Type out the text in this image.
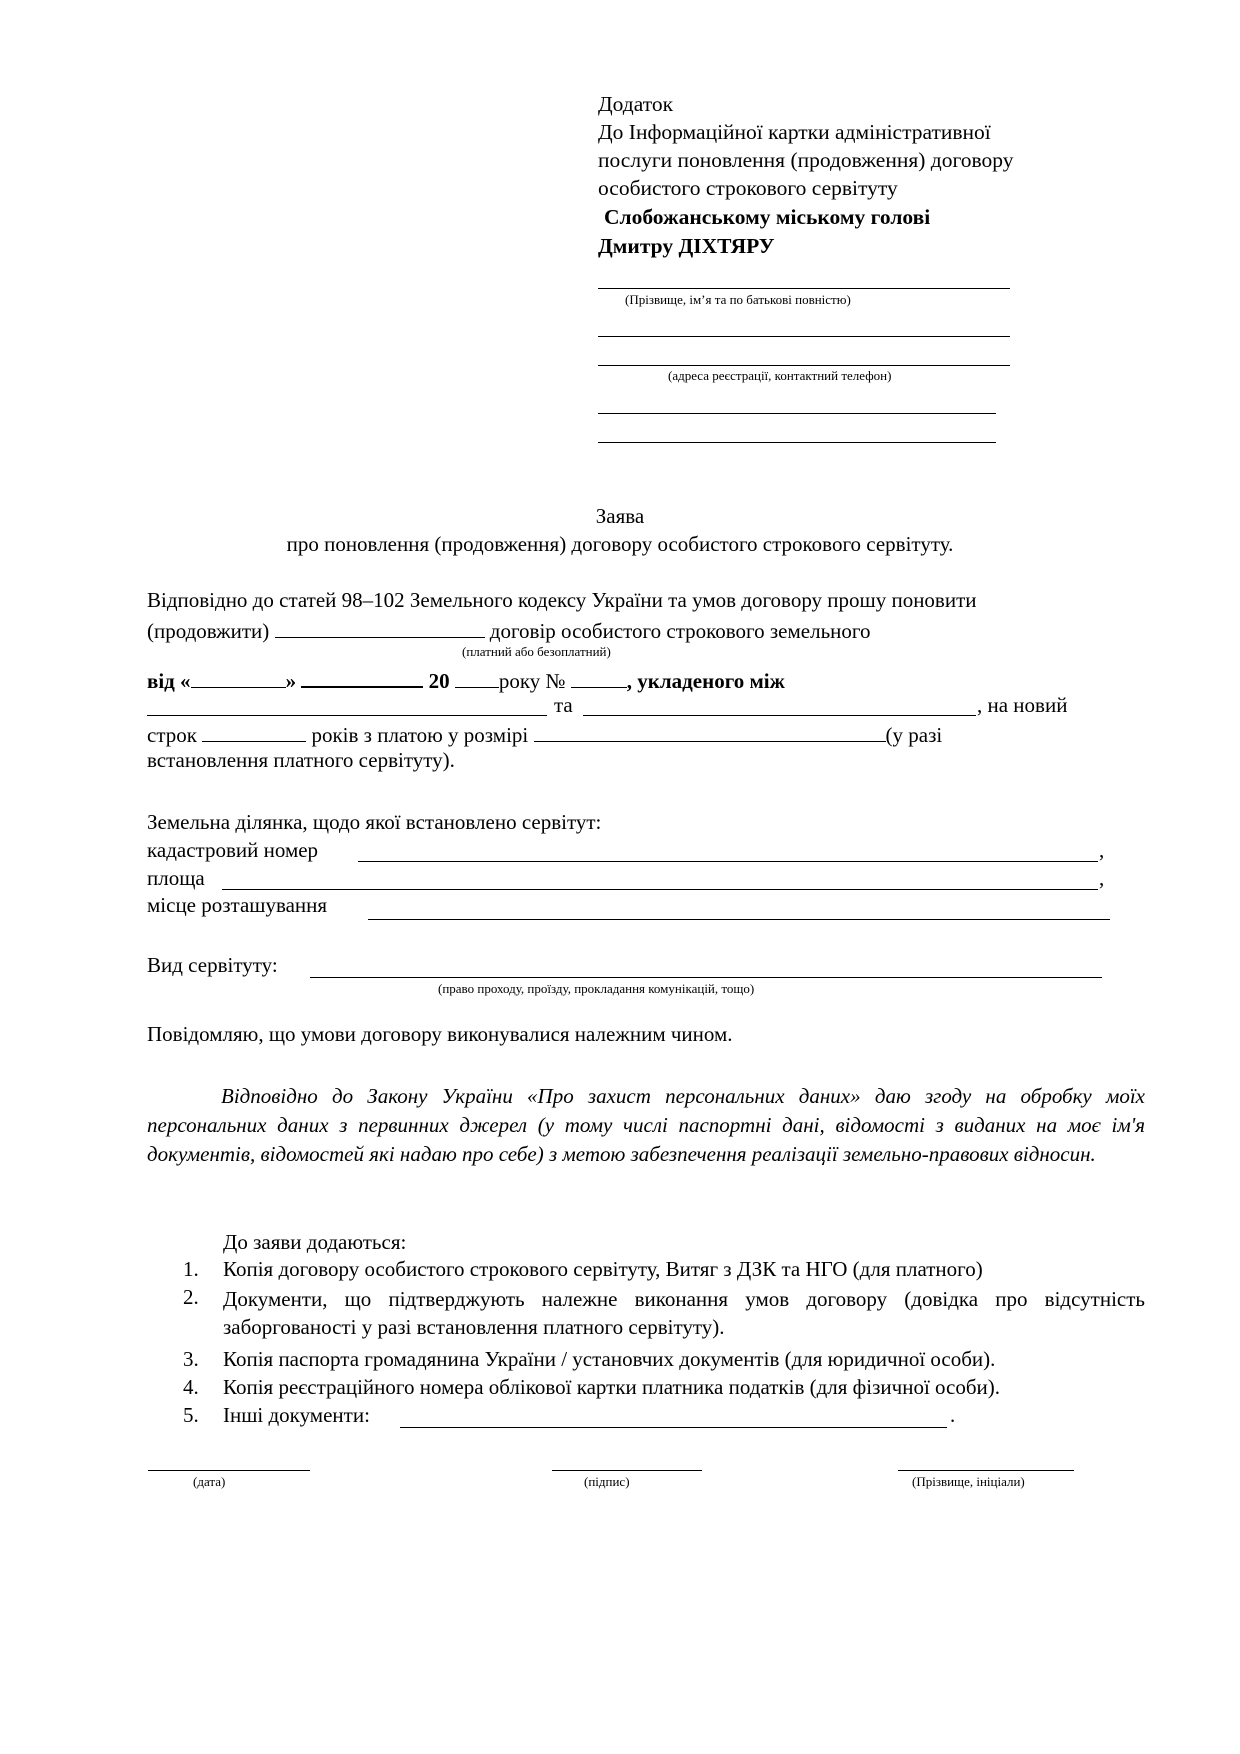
Додаток
До Інформаційної картки адміністративної
послуги поновлення (продовження) договору
особистого строкового сервітуту
Слобожанському міському голові
Дмитру ДІХТЯРУ
(Прізвище, ім’я та по батькові повністю)
(адреса реєстрації, контактний телефон)
Заява
про поновлення (продовження) договору особистого строкового сервітуту.
Відповідно до статей 98–102 Земельного кодексу України та умов договору прошу поновити
(продовжити)	договір особистого строкового земельного
(платний або безоплатний)
від «	»	20 року №	, укладеного між
та	, на новий
строк	років з платою у розмірі	(у разі
встановлення платного сервітуту).
Земельна ділянка, щодо якої встановлено сервітут:
кадастровий номер	,
площа	,
місце розташування
Вид сервітуту:
(право проходу, проїзду, прокладання комунікацій, тощо)
Повідомляю, що умови договору виконувалися належним чином.
Відповідно до Закону України «Про захист персональних даних» даю згоду на обробку моїх персональних даних з первинних джерел (у тому числі паспортні дані, відомості з виданих на моє ім'я документів, відомостей які надаю про себе) з метою забезпечення реалізації земельно-правових відносин.
До заяви додаються:
1. Копія договору особистого строкового сервітуту, Витяг з ДЗК та НГО (для платного)
2. Документи, що підтверджують належне виконання умов договору (довідка про відсутність заборгованості у разі встановлення платного сервітуту).
3. Копія паспорта громадянина України / установчих документів (для юридичної особи).
4. Копія реєстраційного номера облікової картки платника податків (для фізичної особи).
5. Інші документи:	.
(дата)	(підпис)	(Прізвище, ініціали)
